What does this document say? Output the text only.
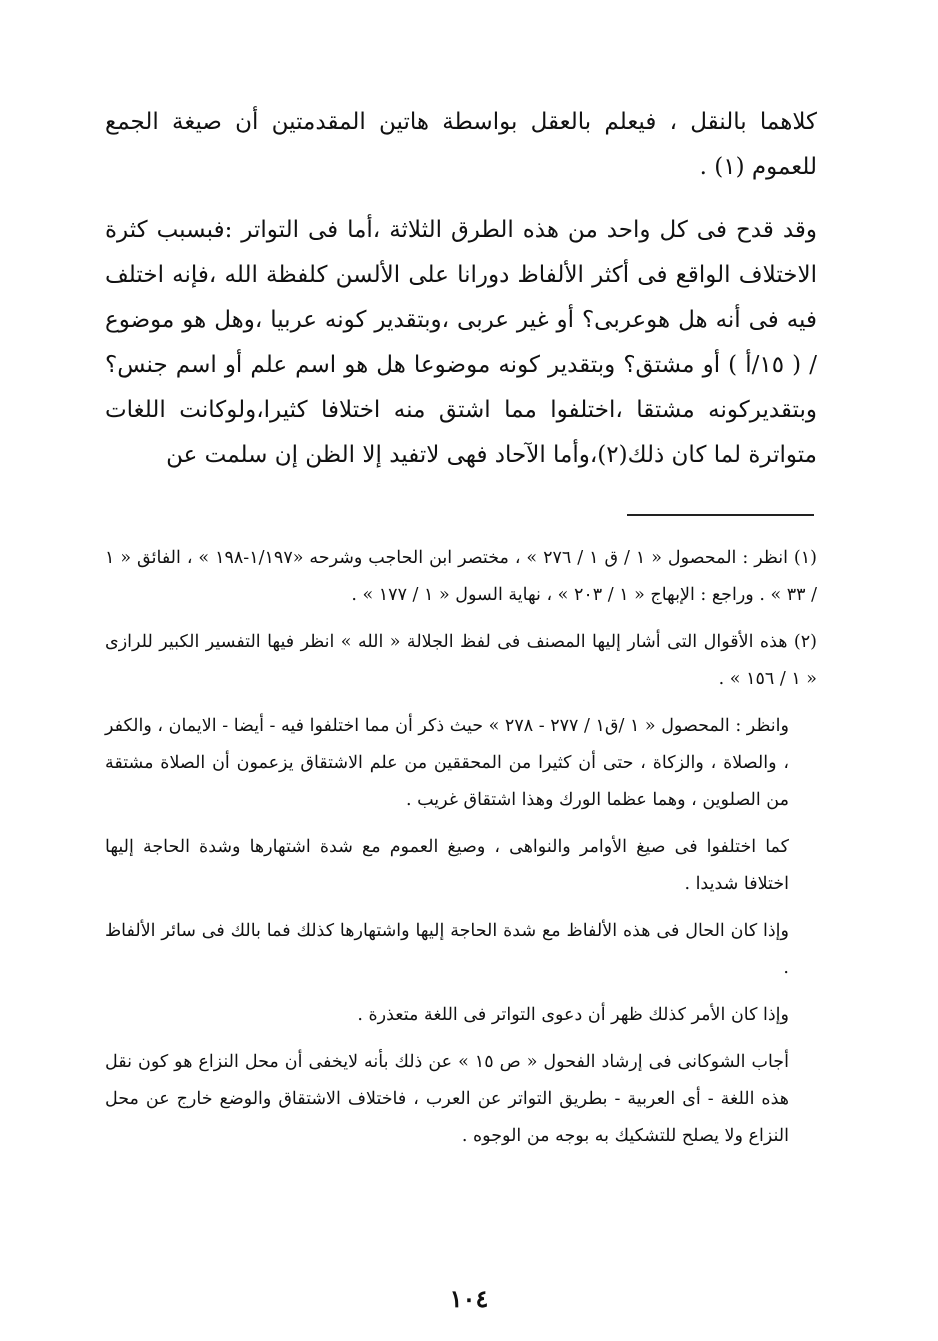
كلاهما بالنقل ، فيعلم بالعقل بواسطة هاتين المقدمتين أن صيغة الجمع للعموم (١) .

وقد قدح فى كل واحد من هذه الطرق الثلاثة ،أما فى التواتر :فبسبب كثرة الاختلاف الواقع فى أكثر الألفاظ دورانا على الألسن كلفظة الله ،فإنه اختلف فيه فى أنه هل هوعربى؟ أو غير عربى ،وبتقدير كونه عربيا ،وهل هو موضوع / ( ١٥/أ ) أو مشتق؟ وبتقدير كونه موضوعا هل هو اسم علم أو اسم جنس؟ وبتقديركونه مشتقا ،اختلفوا مما اشتق منه اختلافا كثيرا،ولوكانت اللغات متواترة لما كان ذلك(٢)،وأما الآحاد فهى لاتفيد إلا الظن إن سلمت عن

(١) انظر : المحصول « ١ / ق ١ / ٢٧٦ » ، مختصر ابن الحاجب وشرحه «١/١٩٧-١٩٨ » ، الفائق « ١ / ٣٣ » . وراجع : الإبهاج « ١ / ٢٠٣ » ، نهاية السول « ١ / ١٧٧ » .

(٢) هذه الأقوال التى أشار إليها المصنف فى لفظ الجلالة « الله » انظر فيها التفسير الكبير للرازى « ١ / ١٥٦ » .

وانظر : المحصول « ١ /ق١ / ٢٧٧ - ٢٧٨ » حيث ذكر أن مما اختلفوا فيه - أيضا - الايمان ، والكفر ، والصلاة ، والزكاة ، حتى أن كثيرا من المحققين من علم الاشتقاق يزعمون أن الصلاة مشتقة من الصلوين ، وهما عظما الورك وهذا اشتقاق غريب .

كما اختلفوا فى صيغ الأوامر والنواهى ، وصيغ العموم مع شدة اشتهارها وشدة الحاجة إليها اختلافا شديدا .

وإذا كان الحال فى هذه الألفاظ مع شدة الحاجة إليها واشتهارها كذلك فما بالك فى سائر الألفاظ .

وإذا كان الأمر كذلك ظهر أن دعوى التواتر فى اللغة متعذرة .

أجاب الشوكانى فى إرشاد الفحول « ص ١٥ » عن ذلك بأنه لايخفى أن محل النزاع هو كون نقل هذه اللغة - أى العربية - بطريق التواتر عن العرب ، فاختلاف الاشتقاق والوضع خارج عن محل النزاع ولا يصلح للتشكيك به بوجه من الوجوه .

١٠٤
